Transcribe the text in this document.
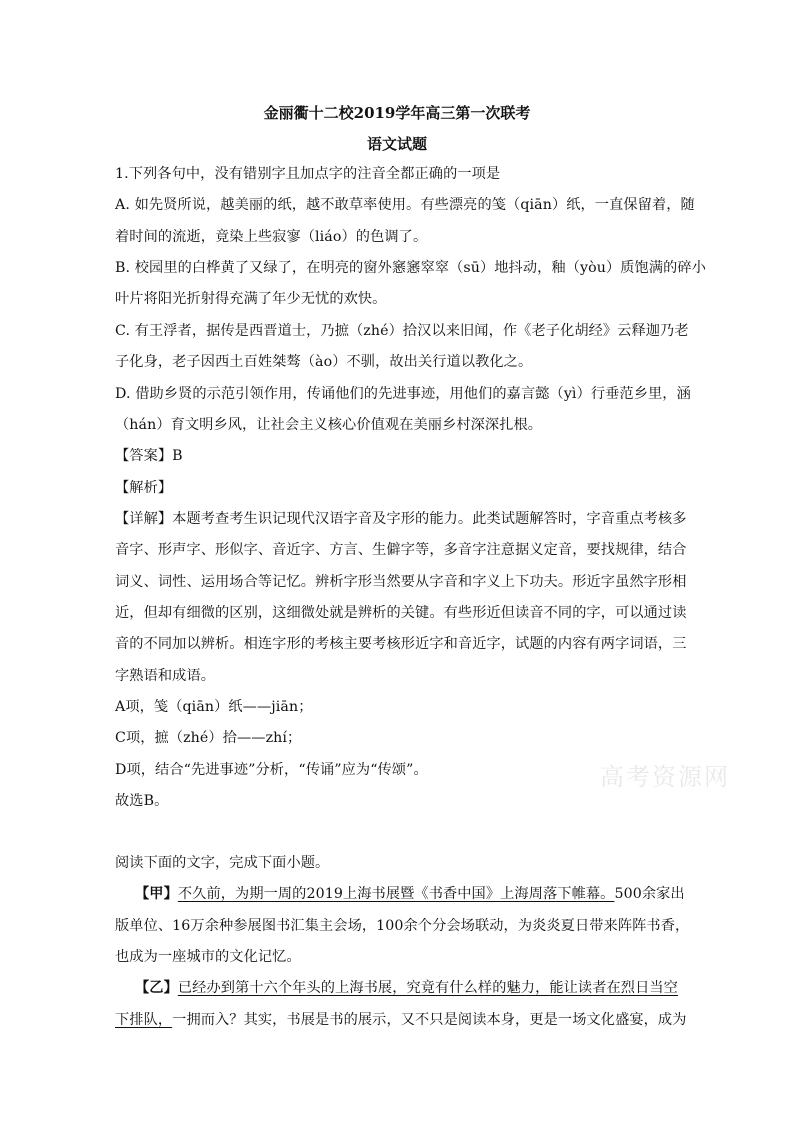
金丽衢十二校2019学年高三第一次联考
语文试题
1.下列各句中，没有错别字且加点字的注音全都正确的一项是
A. 如先贤所说，越美丽的纸，越不敢草率使用。有些漂亮的笺（qiān）纸，一直保留着，随
着时间的流逝，竟染上些寂寥（liáo）的色调了。
B. 校园里的白桦黄了又绿了，在明亮的窗外窸窸窣窣（sū）地抖动，釉（yòu）质饱满的碎小
叶片将阳光折射得充满了年少无忧的欢快。
C. 有王浮者，据传是西晋道士，乃摭（zhé）拾汉以来旧闻，作《老子化胡经》云释迦乃老
子化身，老子因西土百姓桀骜（ào）不驯，故出关行道以教化之。
D. 借助乡贤的示范引领作用，传诵他们的先进事迹，用他们的嘉言懿（yì）行垂范乡里，涵
（hán）育文明乡风，让社会主义核心价值观在美丽乡村深深扎根。
【答案】B
【解析】
【详解】本题考查考生识记现代汉语字音及字形的能力。此类试题解答时，字音重点考核多
音字、形声字、形似字、音近字、方言、生僻字等，多音字注意据义定音，要找规律，结合
词义、词性、运用场合等记忆。辨析字形当然要从字音和字义上下功夫。形近字虽然字形相
近，但却有细微的区别，这细微处就是辨析的关键。有些形近但读音不同的字，可以通过读
音的不同加以辨析。相连字形的考核主要考核形近字和音近字，试题的内容有两字词语，三
字熟语和成语。
A项，笺（qiān）纸——jiān；
C项，摭（zhé）拾——zhí；
D项，结合“先进事迹”分析，“传诵”应为“传颂”。
故选B。
高考资源网
阅读下面的文字，完成下面小题。
【甲】不久前，为期一周的2019上海书展暨《书香中国》上海周落下帷幕。500余家出
版单位、16万余种参展图书汇集主会场，100余个分会场联动，为炎炎夏日带来阵阵书香，
也成为一座城市的文化记忆。
【乙】已经办到第十六个年头的上海书展，究竟有什么样的魅力，能让读者在烈日当空
下排队，一拥而入？其实，书展是书的展示，又不只是阅读本身，更是一场文化盛宴，成为
